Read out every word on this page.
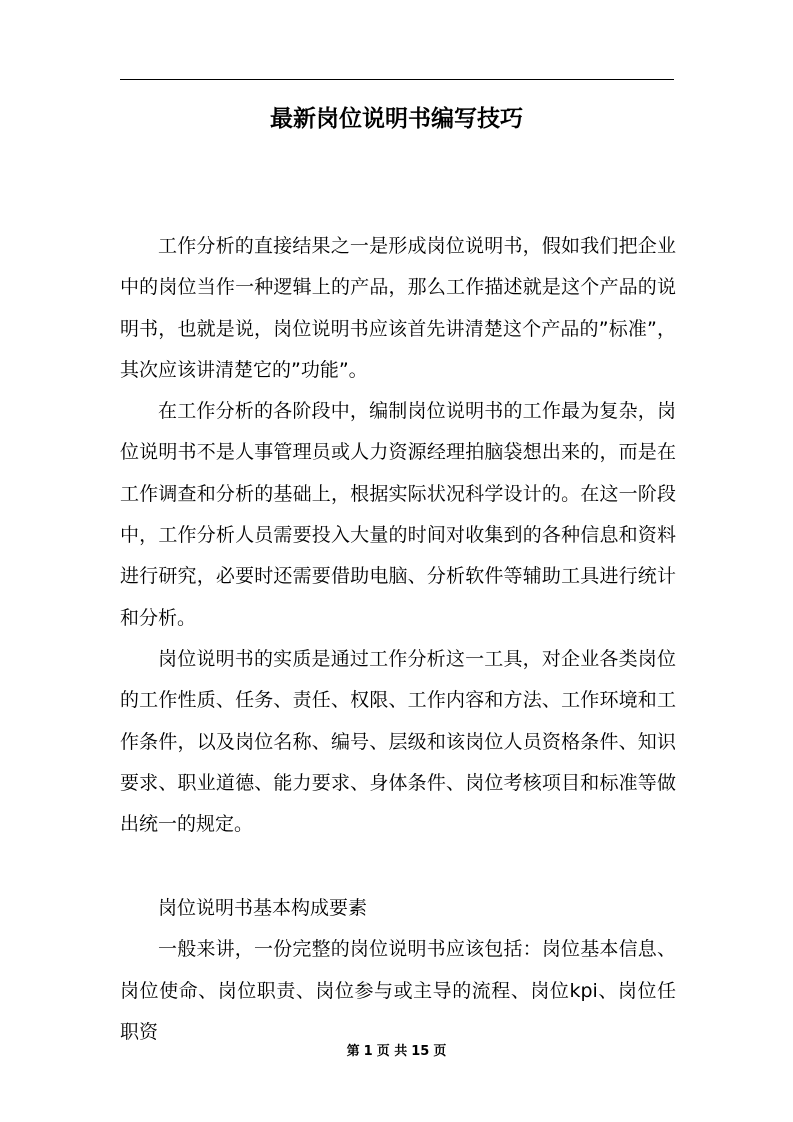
最新岗位说明书编写技巧

工作分析的直接结果之一是形成岗位说明书，假如我们把企业中的岗位当作一种逻辑上的产品，那么工作描述就是这个产品的说明书，也就是说，岗位说明书应该首先讲清楚这个产品的”标准”，其次应该讲清楚它的”功能”。

在工作分析的各阶段中，编制岗位说明书的工作最为复杂，岗位说明书不是人事管理员或人力资源经理拍脑袋想出来的，而是在工作调查和分析的基础上，根据实际状况科学设计的。在这一阶段中，工作分析人员需要投入大量的时间对收集到的各种信息和资料进行研究，必要时还需要借助电脑、分析软件等辅助工具进行统计和分析。

岗位说明书的实质是通过工作分析这一工具，对企业各类岗位的工作性质、任务、责任、权限、工作内容和方法、工作环境和工作条件，以及岗位名称、编号、层级和该岗位人员资格条件、知识要求、职业道德、能力要求、身体条件、岗位考核项目和标准等做出统一的规定。

岗位说明书基本构成要素

一般来讲，一份完整的岗位说明书应该包括：岗位基本信息、岗位使命、岗位职责、岗位参与或主导的流程、岗位kpi、岗位任职资

第 1 页 共 15 页
